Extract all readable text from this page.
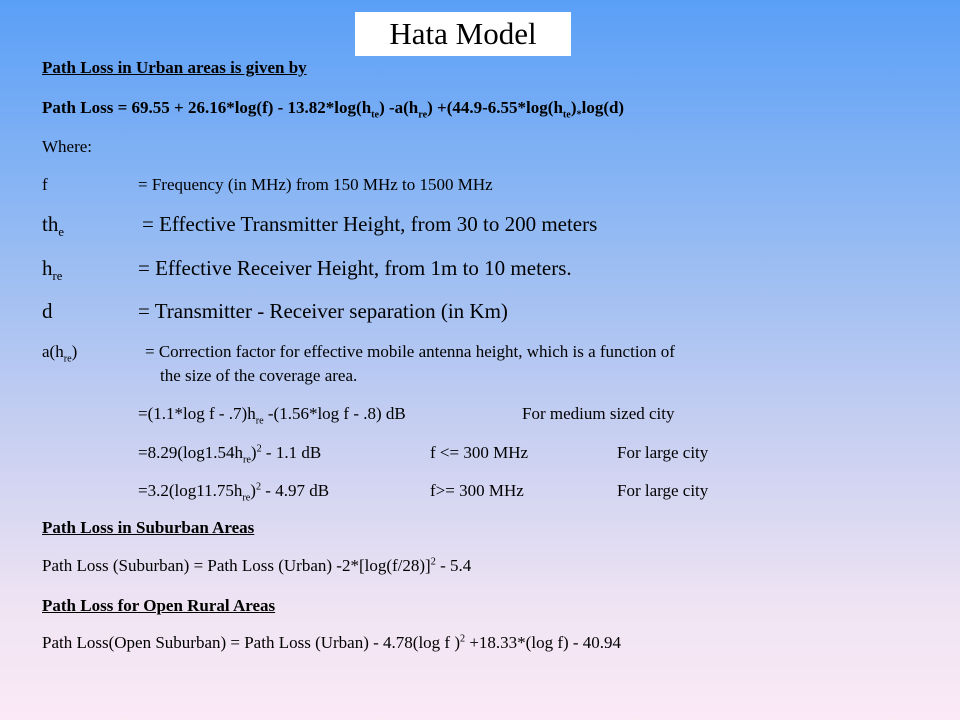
Hata Model
Path Loss in Urban areas is given by
Path Loss = $69.55 + 26.16*\log(f) - 13.82*\log(h_{te})$ $-a(h_{re}) +(44.9-6.55*\log(h_{te})_*\log(d)$
Where:
f	= Frequency (in MHz) from 150 MHz to 1500 MHz
$th_e$	= Effective Transmitter Height, from 30 to 200 meters
$h_{re}$	= Effective Receiver Height, from 1m to 10 meters.
d	= Transmitter - Receiver separation (in Km)
$a(h_{re})$	= Correction factor for effective mobile antenna height, which is a function of
the size of the coverage area.
=(1.1*log f - $.7)h_{re}$ -(1.56*log f - .8) dB	For medium sized city
$=8.29(\log 1.54h_{re})^2 - 1.1$ dB	f <= 300 MHz	For large city
$=3.2(\log 11.75h_{re})^2 - 4.97$ dB	f>= 300 MHz	For large city
Path Loss in Suburban Areas
Path Loss (Suburban) = Path Loss (Urban) $-2*[\log(f/28)]^2 - 5.4$
Path Loss for Open Rural Areas
Path Loss(Open Suburban) = Path Loss (Urban) - 4.78(log f )$^2$ +18.33*(log f) - 40.94
